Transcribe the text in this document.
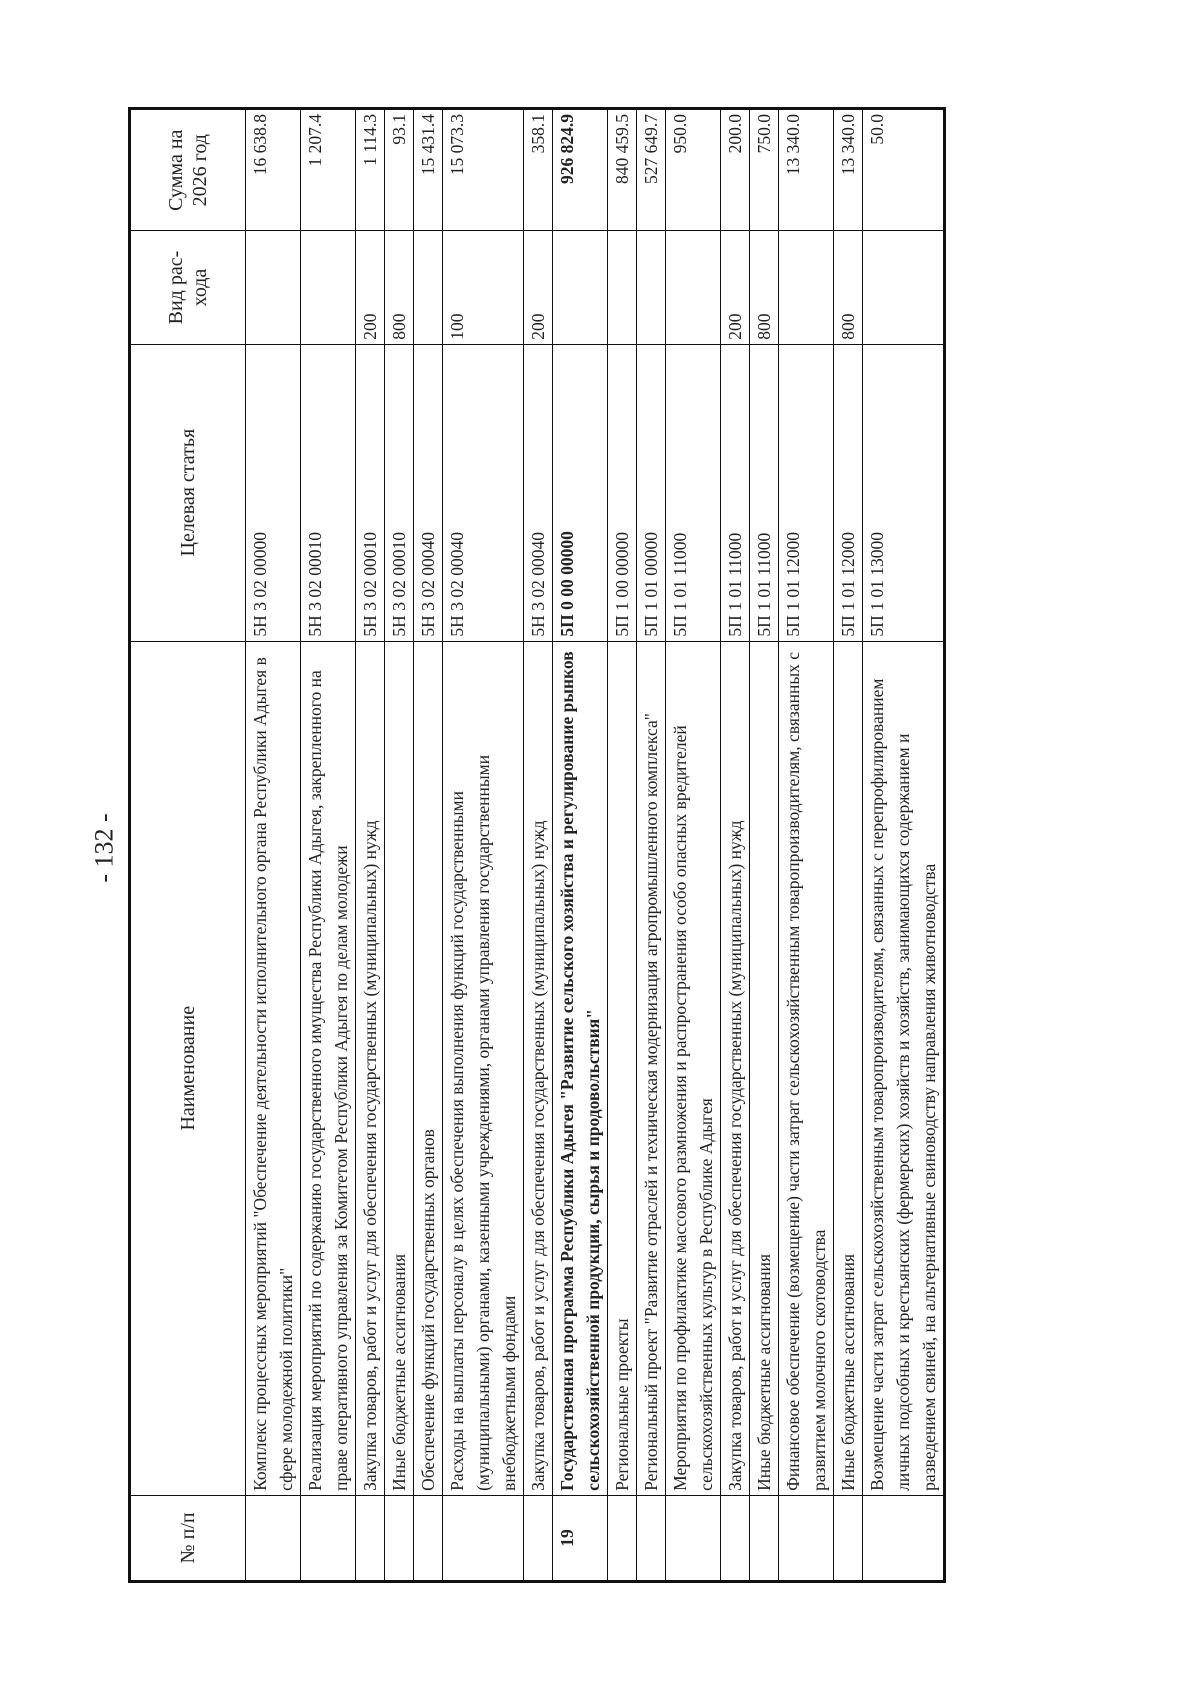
- 132 -
№ п/п	Наименование	Целевая статья	Вид рас-хода	Сумма на 2026 год
	Комплекс процессных мероприятий "Обеспечение деятельности исполнительного органа Республики Адыгея в сфере молодежной политики"	5Н 3 02 00000		16 638.8
	Реализация мероприятий по содержанию государственного имущества Республики Адыгея, закрепленного на праве оперативного управления за Комитетом Республики Адыгея по делам молодежи	5Н 3 02 00010		1 207.4
	Закупка товаров, работ и услуг для обеспечения государственных (муниципальных) нужд	5Н 3 02 00010	200	1 114.3
	Иные бюджетные ассигнования	5Н 3 02 00010	800	93.1
	Обеспечение функций государственных органов	5Н 3 02 00040		15 431.4
	Расходы на выплаты персоналу в целях обеспечения выполнения функций государственными (муниципальными) органами, казенными учреждениями, органами управления государственными внебюджетными фондами	5Н 3 02 00040	100	15 073.3
	Закупка товаров, работ и услуг для обеспечения государственных (муниципальных) нужд	5Н 3 02 00040	200	358.1
19	Государственная программа Республики Адыгея "Развитие сельского хозяйства и регулирование рынков сельскохозяйственной продукции, сырья и продовольствия"	5П 0 00 00000		926 824.9
	Региональные проекты	5П 1 00 00000		840 459.5
	Региональный проект "Развитие отраслей и техническая модернизация агропромышленного комплекса"	5П 1 01 00000		527 649.7
	Мероприятия по профилактике массового размножения и распространения особо опасных вредителей сельскохозяйственных культур в Республике Адыгея	5П 1 01 11000		950.0
	Закупка товаров, работ и услуг для обеспечения государственных (муниципальных) нужд	5П 1 01 11000	200	200.0
	Иные бюджетные ассигнования	5П 1 01 11000	800	750.0
	Финансовое обеспечение (возмещение) части затрат сельскохозяйственным товаропроизводителям, связанных с развитием молочного скотоводства	5П 1 01 12000		13 340.0
	Иные бюджетные ассигнования	5П 1 01 12000	800	13 340.0
	Возмещение части затрат сельскохозяйственным товаропроизводителям, связанных с перепрофилированием личных подсобных и крестьянских (фермерских) хозяйств и хозяйств, занимающихся содержанием и разведением свиней, на альтернативные свиноводству направления животноводства	5П 1 01 13000		50.0
